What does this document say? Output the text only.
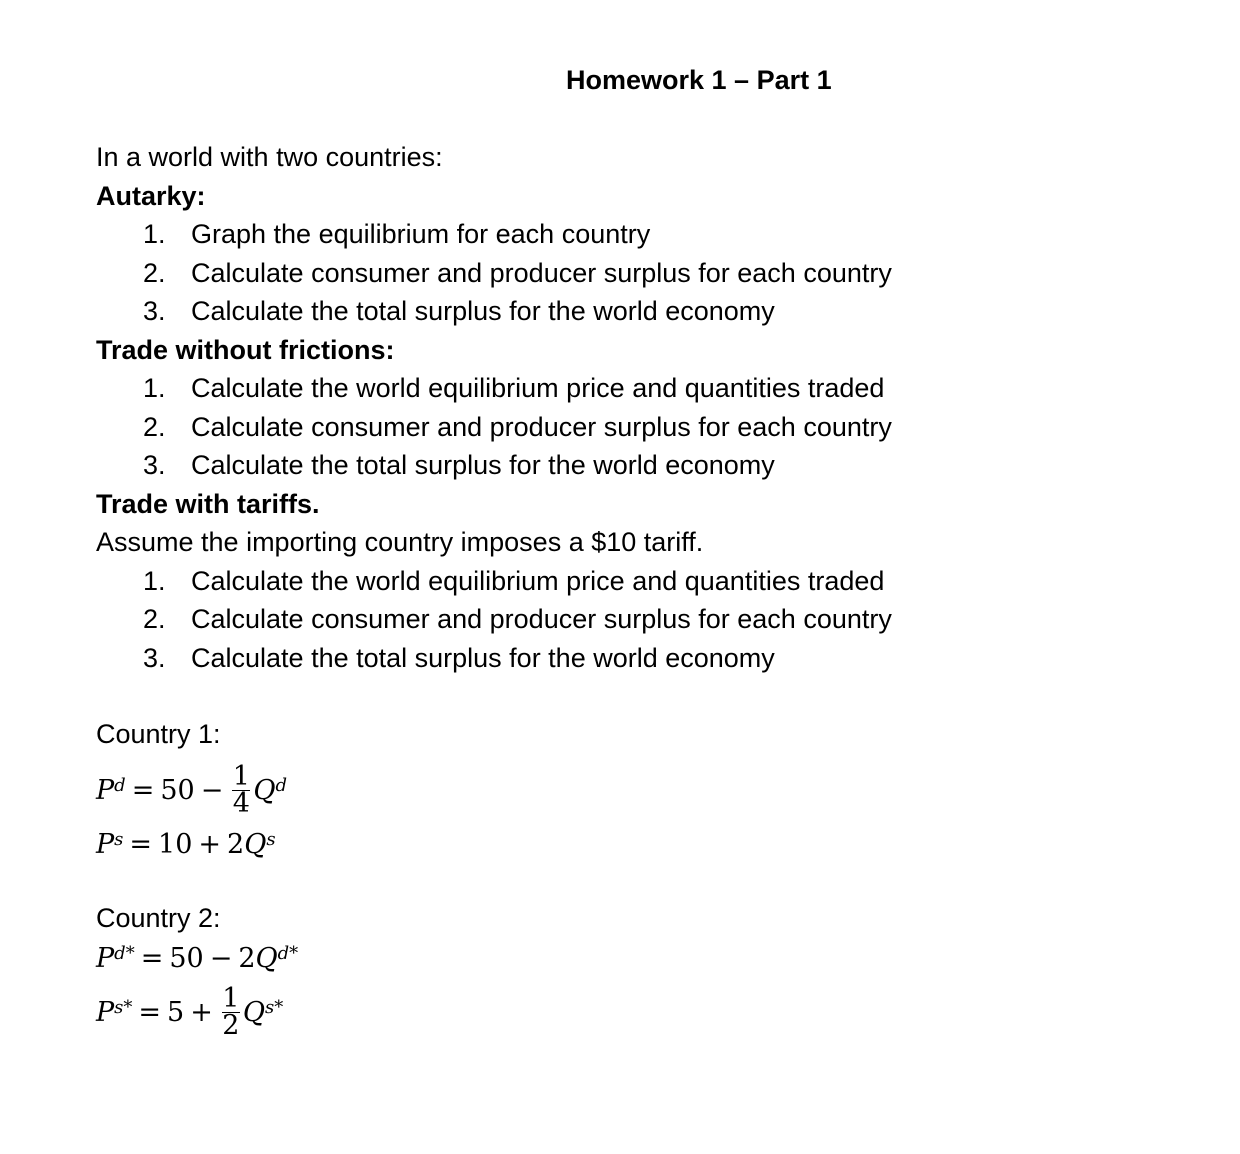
Homework 1 – Part 1
In a world with two countries:
Autarky:
1. Graph the equilibrium for each country
2. Calculate consumer and producer surplus for each country
3. Calculate the total surplus for the world economy
Trade without frictions:
1. Calculate the world equilibrium price and quantities traded
2. Calculate consumer and producer surplus for each country
3. Calculate the total surplus for the world economy
Trade with tariffs.
Assume the importing country imposes a $10 tariff.
1. Calculate the world equilibrium price and quantities traded
2. Calculate consumer and producer surplus for each country
3. Calculate the total surplus for the world economy
Country 1:
$P^d = 50 - \frac{1}{4} Q^d$
$P^s = 10 + 2$ $Q^s$
Country 2:
$P^{d*} = 50 - 2$ $Q^{d*}$
$P^{s*} = 5 + \frac{1}{2} Q^{s*}$
